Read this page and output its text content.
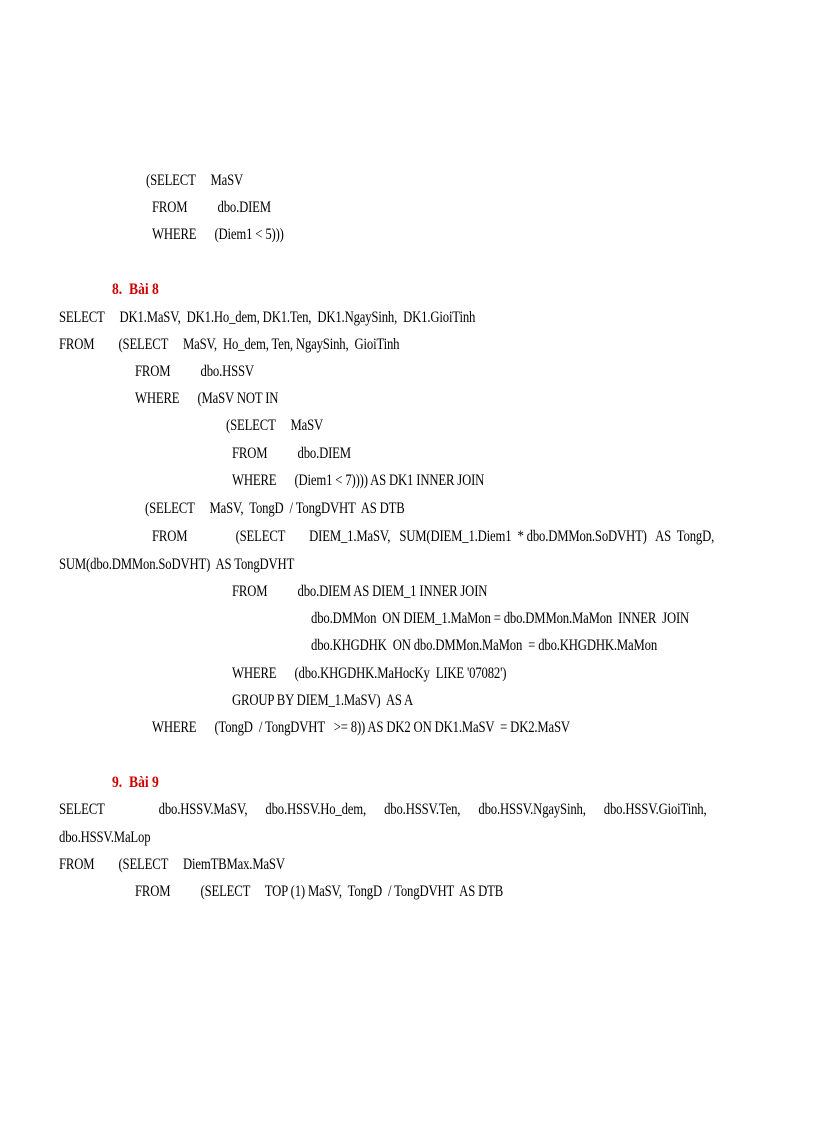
(SELECT     MaSV
FROM          dbo.DIEM
WHERE      (Diem1 < 5)))
8.  Bài 8
SELECT     DK1.MaSV,  DK1.Ho_dem, DK1.Ten,  DK1.NgaySinh,  DK1.GioiTinh
FROM        (SELECT     MaSV,  Ho_dem, Ten, NgaySinh,  GioiTinh
FROM          dbo.HSSV
WHERE      (MaSV NOT IN
(SELECT     MaSV
FROM          dbo.DIEM
WHERE      (Diem1 < 7)))) AS DK1 INNER JOIN
(SELECT     MaSV,  TongD  / TongDVHT  AS DTB
FROM                (SELECT        DIEM_1.MaSV,   SUM(DIEM_1.Diem1  * dbo.DMMon.SoDVHT)   AS  TongD,
SUM(dbo.DMMon.SoDVHT)  AS TongDVHT
FROM          dbo.DIEM AS DIEM_1 INNER JOIN
dbo.DMMon  ON DIEM_1.MaMon = dbo.DMMon.MaMon  INNER  JOIN
dbo.KHGDHK  ON dbo.DMMon.MaMon  = dbo.KHGDHK.MaMon
WHERE      (dbo.KHGDHK.MaHocKy  LIKE '07082')
GROUP BY DIEM_1.MaSV)  AS A
WHERE      (TongD  / TongDVHT   >= 8)) AS DK2 ON DK1.MaSV  = DK2.MaSV
9.  Bài 9
SELECT                  dbo.HSSV.MaSV,      dbo.HSSV.Ho_dem,      dbo.HSSV.Ten,      dbo.HSSV.NgaySinh,      dbo.HSSV.GioiTinh,
dbo.HSSV.MaLop
FROM        (SELECT     DiemTBMax.MaSV
FROM          (SELECT     TOP (1) MaSV,  TongD  / TongDVHT  AS DTB
